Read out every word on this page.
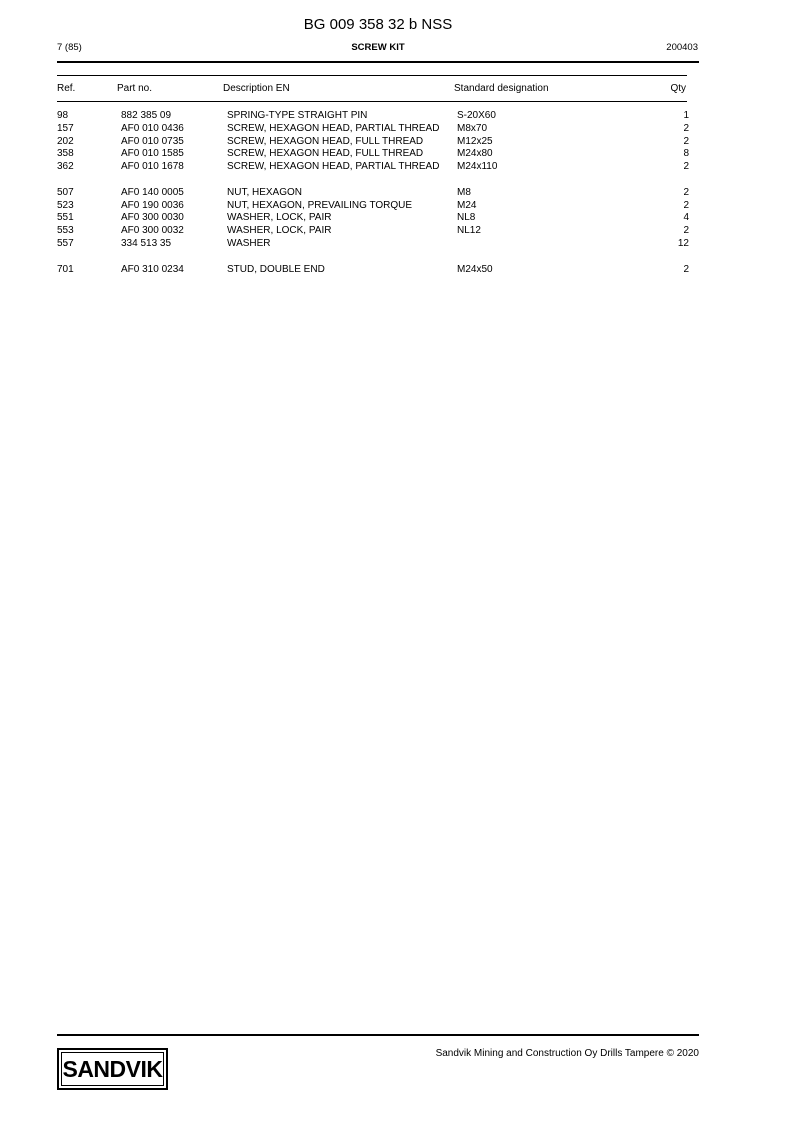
BG 009 358 32 b NSS
7 (85)	SCREW KIT	200403
Ref.	Part no.	Description EN	Standard designation	Qty
98	882 385 09	SPRING-TYPE STRAIGHT PIN	S-20X60	1
157	AF0 010 0436	SCREW, HEXAGON HEAD, PARTIAL THREAD	M8x70	2
202	AF0 010 0735	SCREW, HEXAGON HEAD, FULL THREAD	M12x25	2
358	AF0 010 1585	SCREW, HEXAGON HEAD, FULL THREAD	M24x80	8
362	AF0 010 1678	SCREW, HEXAGON HEAD, PARTIAL THREAD	M24x110	2

507	AF0 140 0005	NUT, HEXAGON	M8	2
523	AF0 190 0036	NUT, HEXAGON, PREVAILING TORQUE	M24	2
551	AF0 300 0030	WASHER, LOCK, PAIR	NL8	4
553	AF0 300 0032	WASHER, LOCK, PAIR	NL12	2
557	334 513 35	WASHER		12

701	AF0 310 0234	STUD, DOUBLE END	M24x50	2
SANDVIK
Sandvik Mining and Construction Oy Drills Tampere © 2020
